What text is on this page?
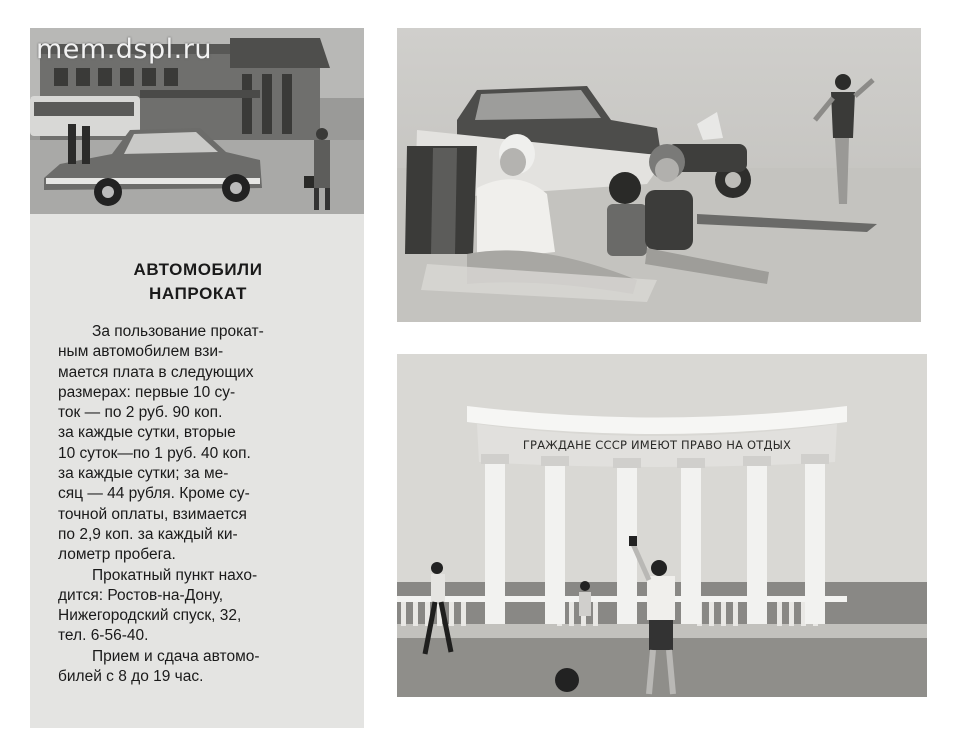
mem.dspl.ru
АВТОМОБИЛИ
НАПРОКАТ
За пользование прокат-
ным автомобилем взи-
мается плата в следующих
размерах: первые 10 су-
ток — по 2 руб. 90 коп.
за каждые сутки, вторые
10 суток—по 1 руб. 40 коп.
за каждые сутки; за ме-
сяц — 44 рубля. Кроме су-
точной оплаты, взимается
по 2,9 коп. за каждый ки-
лометр пробега.
Прокатный пункт нахо-
дится: Ростов-на-Дону,
Нижегородский спуск, 32,
тел. 6-56-40.
Прием и сдача автомо-
билей с 8 до 19 час.
ГРАЖДАНЕ СССР ИМЕЮТ ПРАВО НА ОТДЫХ
